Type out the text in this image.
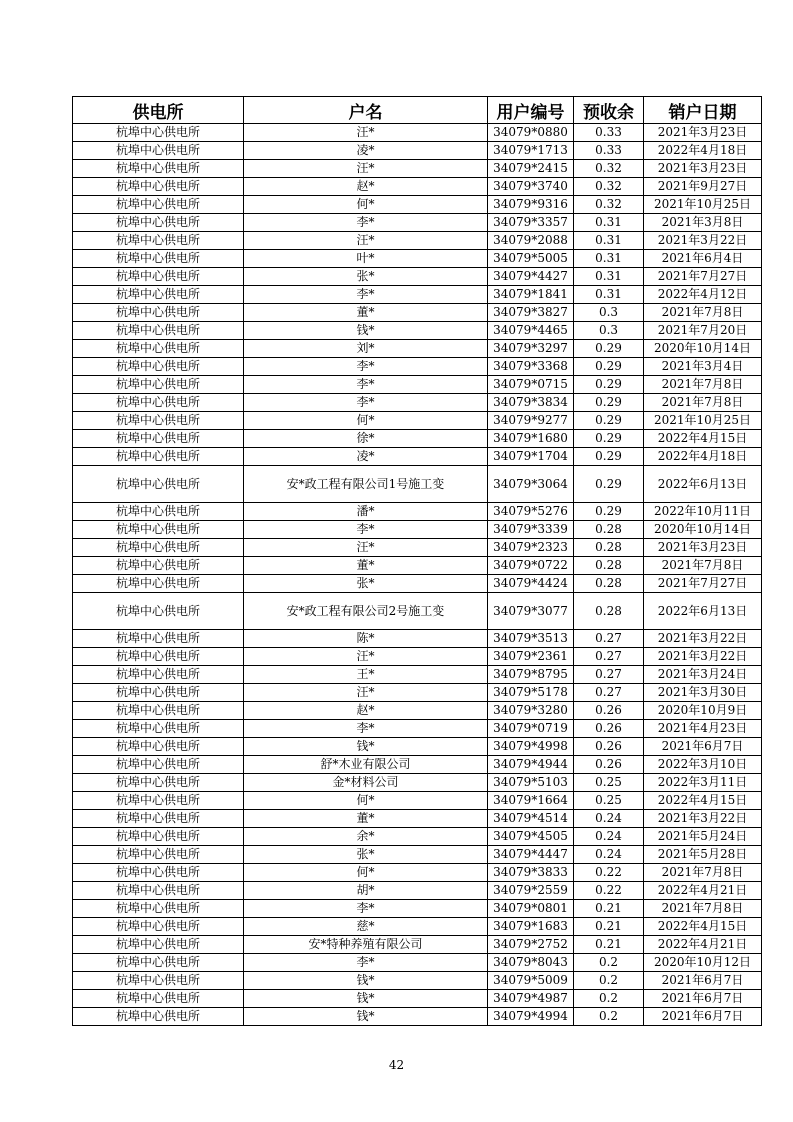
供电所	户名	用户编号	预收余	销户日期
杭埠中心供电所	汪*	34079*0880	0.33	2021年3月23日
杭埠中心供电所	凌*	34079*1713	0.33	2022年4月18日
杭埠中心供电所	汪*	34079*2415	0.32	2021年3月23日
杭埠中心供电所	赵*	34079*3740	0.32	2021年9月27日
杭埠中心供电所	何*	34079*9316	0.32	2021年10月25日
杭埠中心供电所	李*	34079*3357	0.31	2021年3月8日
杭埠中心供电所	汪*	34079*2088	0.31	2021年3月22日
杭埠中心供电所	叶*	34079*5005	0.31	2021年6月4日
杭埠中心供电所	张*	34079*4427	0.31	2021年7月27日
杭埠中心供电所	李*	34079*1841	0.31	2022年4月12日
杭埠中心供电所	董*	34079*3827	0.3	2021年7月8日
杭埠中心供电所	钱*	34079*4465	0.3	2021年7月20日
杭埠中心供电所	刘*	34079*3297	0.29	2020年10月14日
杭埠中心供电所	李*	34079*3368	0.29	2021年3月4日
杭埠中心供电所	李*	34079*0715	0.29	2021年7月8日
杭埠中心供电所	李*	34079*3834	0.29	2021年7月8日
杭埠中心供电所	何*	34079*9277	0.29	2021年10月25日
杭埠中心供电所	徐*	34079*1680	0.29	2022年4月15日
杭埠中心供电所	凌*	34079*1704	0.29	2022年4月18日
杭埠中心供电所	安*政工程有限公司1号施工变	34079*3064	0.29	2022年6月13日
杭埠中心供电所	潘*	34079*5276	0.29	2022年10月11日
杭埠中心供电所	李*	34079*3339	0.28	2020年10月14日
杭埠中心供电所	汪*	34079*2323	0.28	2021年3月23日
杭埠中心供电所	董*	34079*0722	0.28	2021年7月8日
杭埠中心供电所	张*	34079*4424	0.28	2021年7月27日
杭埠中心供电所	安*政工程有限公司2号施工变	34079*3077	0.28	2022年6月13日
杭埠中心供电所	陈*	34079*3513	0.27	2021年3月22日
杭埠中心供电所	汪*	34079*2361	0.27	2021年3月22日
杭埠中心供电所	王*	34079*8795	0.27	2021年3月24日
杭埠中心供电所	汪*	34079*5178	0.27	2021年3月30日
杭埠中心供电所	赵*	34079*3280	0.26	2020年10月9日
杭埠中心供电所	李*	34079*0719	0.26	2021年4月23日
杭埠中心供电所	钱*	34079*4998	0.26	2021年6月7日
杭埠中心供电所	舒*木业有限公司	34079*4944	0.26	2022年3月10日
杭埠中心供电所	金*材料公司	34079*5103	0.25	2022年3月11日
杭埠中心供电所	何*	34079*1664	0.25	2022年4月15日
杭埠中心供电所	董*	34079*4514	0.24	2021年3月22日
杭埠中心供电所	余*	34079*4505	0.24	2021年5月24日
杭埠中心供电所	张*	34079*4447	0.24	2021年5月28日
杭埠中心供电所	何*	34079*3833	0.22	2021年7月8日
杭埠中心供电所	胡*	34079*2559	0.22	2022年4月21日
杭埠中心供电所	李*	34079*0801	0.21	2021年7月8日
杭埠中心供电所	慈*	34079*1683	0.21	2022年4月15日
杭埠中心供电所	安*特种养殖有限公司	34079*2752	0.21	2022年4月21日
杭埠中心供电所	李*	34079*8043	0.2	2020年10月12日
杭埠中心供电所	钱*	34079*5009	0.2	2021年6月7日
杭埠中心供电所	钱*	34079*4987	0.2	2021年6月7日
杭埠中心供电所	钱*	34079*4994	0.2	2021年6月7日
42
